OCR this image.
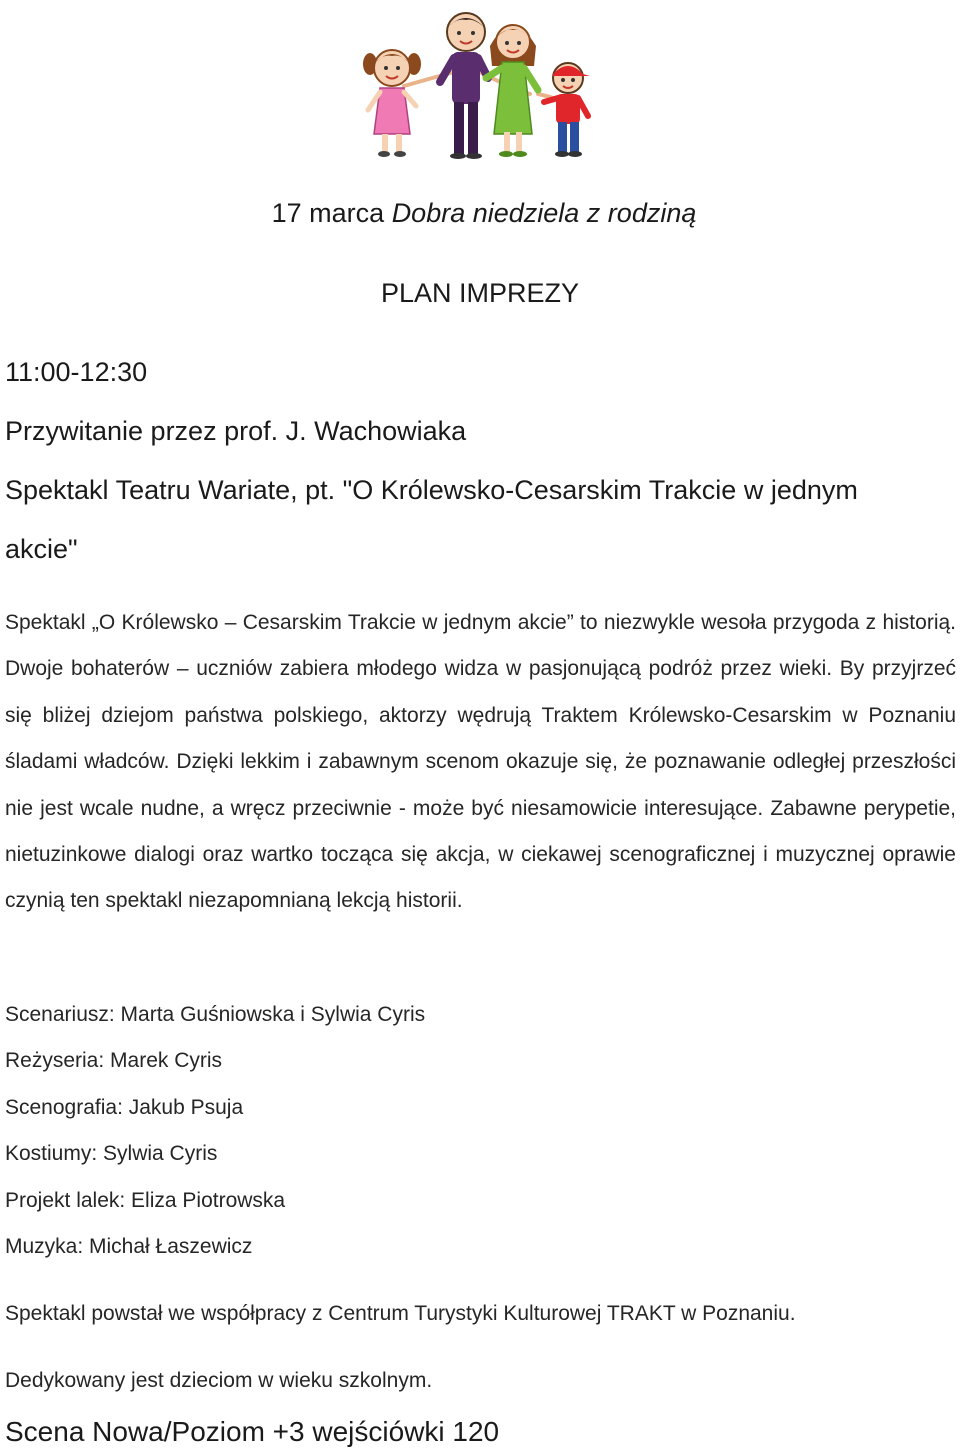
17 marca Dobra niedziela z rodziną
PLAN IMPREZY
11:00-12:30
Przywitanie przez prof. J. Wachowiaka
Spektakl Teatru Wariate, pt. "O Królewsko-Cesarskim Trakcie w jednym
akcie"
Spektakl „O Królewsko – Cesarskim Trakcie w jednym akcie” to niezwykle wesoła przygoda z historią. Dwoje bohaterów – uczniów zabiera młodego widza w pasjonującą podróż przez wieki. By przyjrzeć się bliżej dziejom państwa polskiego, aktorzy wędrują Traktem Królewsko-Cesarskim w Poznaniu śladami władców. Dzięki lekkim i zabawnym scenom okazuje się, że poznawanie odległej przeszłości nie jest wcale nudne, a wręcz przeciwnie - może być niesamowicie interesujące. Zabawne perypetie, nietuzinkowe dialogi oraz wartko tocząca się akcja, w ciekawej scenograficznej i muzycznej oprawie czynią ten spektakl niezapomnianą lekcją historii.
Scenariusz: Marta Guśniowska i Sylwia Cyris
Reżyseria: Marek Cyris
Scenografia: Jakub Psuja
Kostiumy: Sylwia Cyris
Projekt lalek: Eliza Piotrowska
Muzyka: Michał Łaszewicz
Spektakl powstał we współpracy z Centrum Turystyki Kulturowej TRAKT w Poznaniu.
Dedykowany jest dzieciom w wieku szkolnym.
Scena Nowa/Poziom +3 wejściówki 120
